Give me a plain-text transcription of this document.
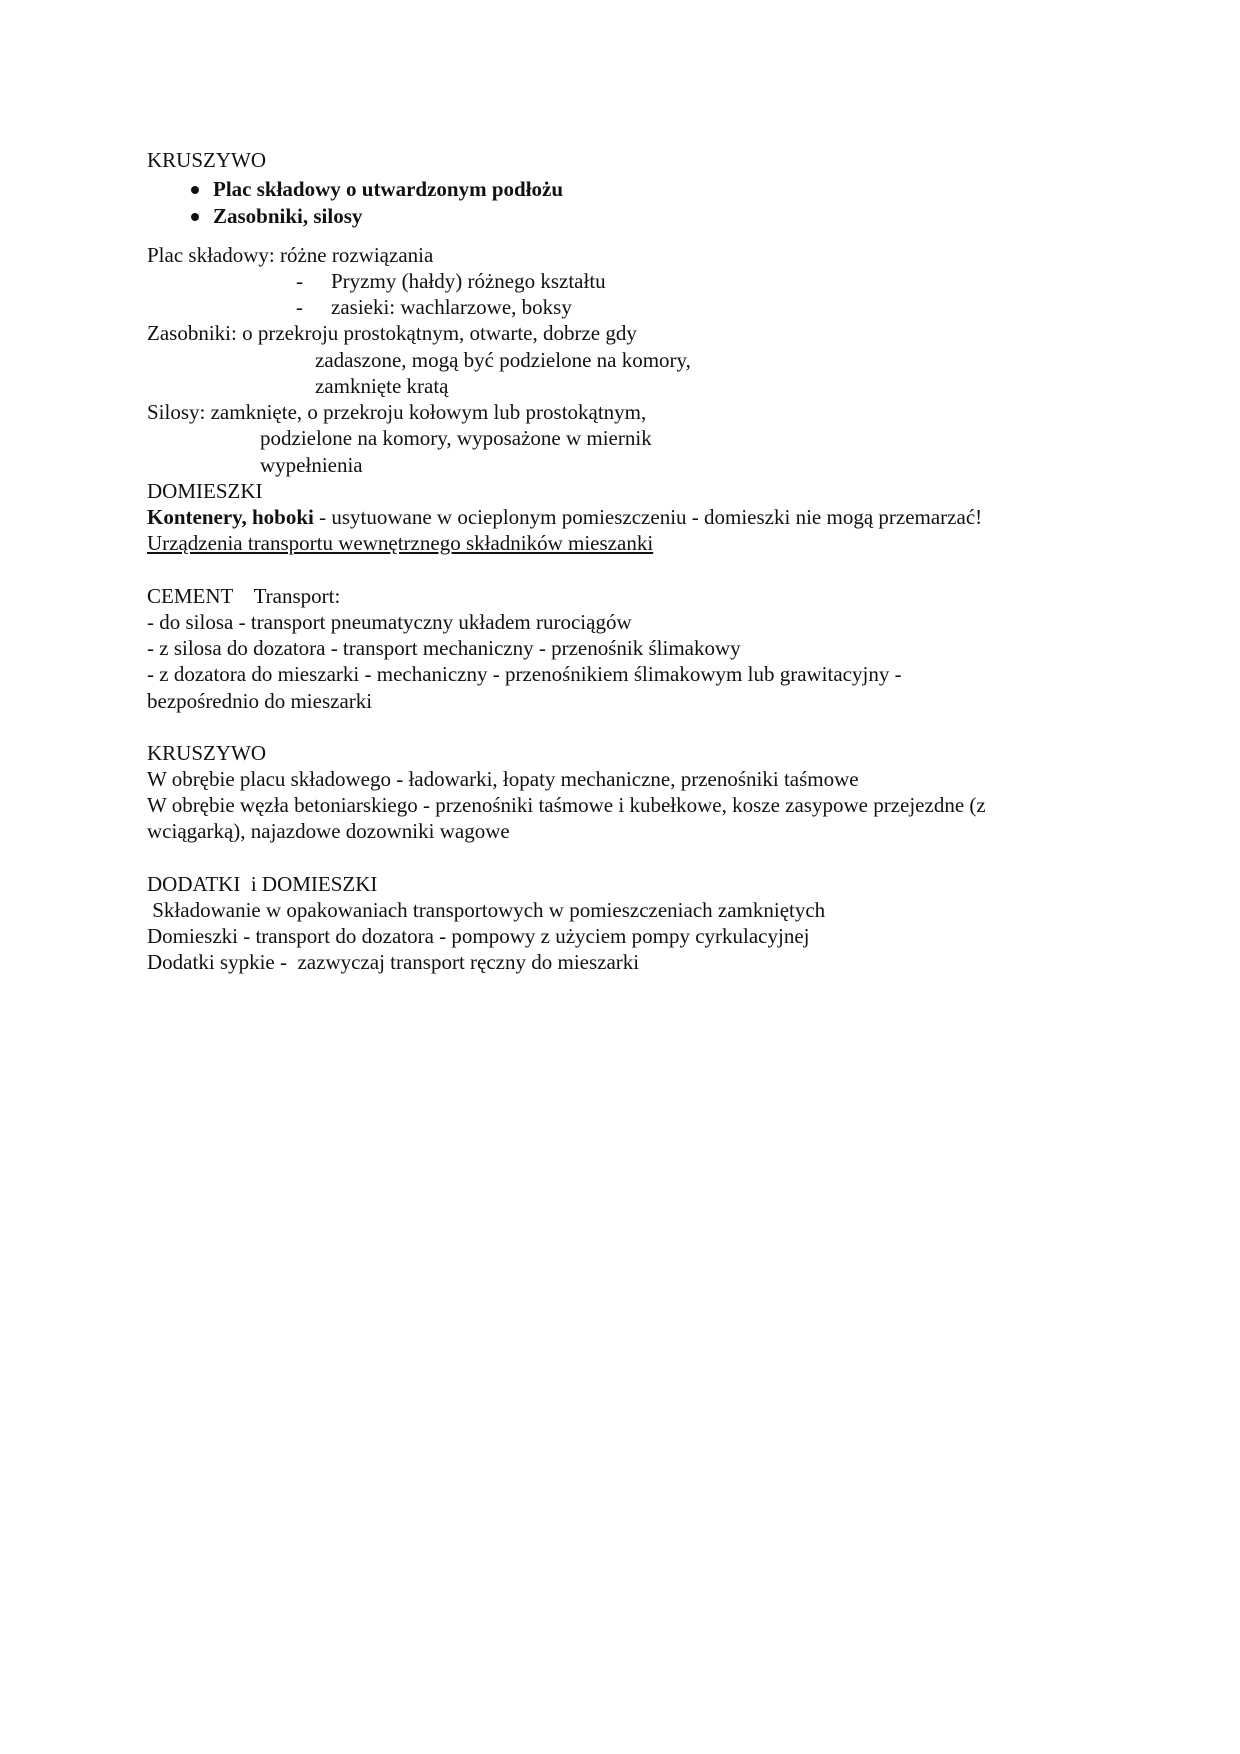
KRUSZYWO
Plac składowy o utwardzonym podłożu
Zasobniki, silosy
Plac składowy: różne rozwiązania
- Pryzmy (hałdy) różnego kształtu
- zasieki: wachlarzowe, boksy
Zasobniki: o przekroju prostokątnym, otwarte, dobrze gdy
zadaszone, mogą być podzielone na komory,
zamknięte kratą
Silosy: zamknięte, o przekroju kołowym lub prostokątnym,
podzielone na komory, wyposażone w miernik
wypełnienia
DOMIESZKI
Kontenery, hoboki - usytuowane w ocieplonym pomieszczeniu - domieszki nie mogą przemarzać!
Urządzenia transportu wewnętrznego składników mieszanki
CEMENT    Transport:
- do silosa - transport pneumatyczny układem rurociągów
- z silosa do dozatora - transport mechaniczny - przenośnik ślimakowy
- z dozatora do mieszarki - mechaniczny - przenośnikiem ślimakowym lub grawitacyjny -
bezpośrednio do mieszarki
KRUSZYWO
W obrębie placu składowego - ładowarki, łopaty mechaniczne, przenośniki taśmowe
W obrębie węzła betoniarskiego - przenośniki taśmowe i kubełkowe, kosze zasypowe przejezdne (z
wciągarką), najazdowe dozowniki wagowe
DODATKI  i DOMIESZKI
Składowanie w opakowaniach transportowych w pomieszczeniach zamkniętych
Domieszki - transport do dozatora - pompowy z użyciem pompy cyrkulacyjnej
Dodatki sypkie -  zazwyczaj transport ręczny do mieszarki
